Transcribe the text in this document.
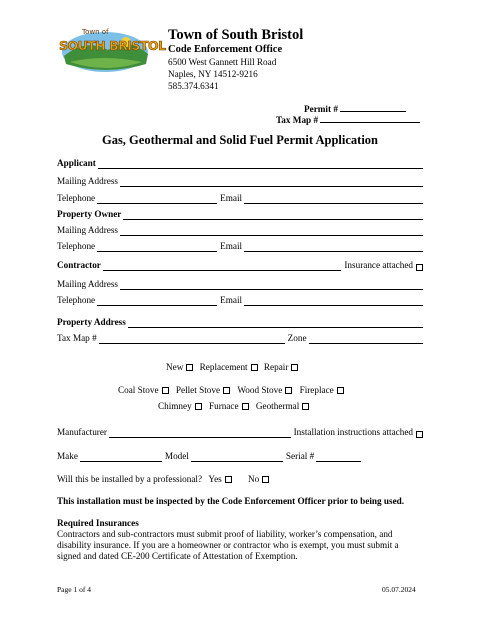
Town of
SOUTH BRISTOL
Town of South Bristol
Code Enforcement Office
6500 West Gannett Hill Road
Naples, NY 14512-9216
585.374.6341
Permit #
Tax Map #
Gas, Geothermal and Solid Fuel Permit Application
Applicant
Mailing Address
Telephone	Email
Property Owner
Mailing Address
Telephone	Email
Contractor	Insurance attached
Mailing Address
Telephone	Email
Property Address
Tax Map #	Zone
New Replacement Repair
Coal Stove Pellet Stove Wood Stove Fireplace
Chimney Furnace Geothermal
Manufacturer	Installation instructions attached
Make	Model	Serial #
Will this be installed by a professional? Yes	No
This installation must be inspected by the Code Enforcement Officer prior to being used.
Required Insurances
Contractors and sub-contractors must submit proof of liability, worker’s compensation, and
disability insurance. If you are a homeowner or contractor who is exempt, you must submit a
signed and dated CE-200 Certificate of Attestation of Exemption.
Page 1 of 4	05.07.2024
